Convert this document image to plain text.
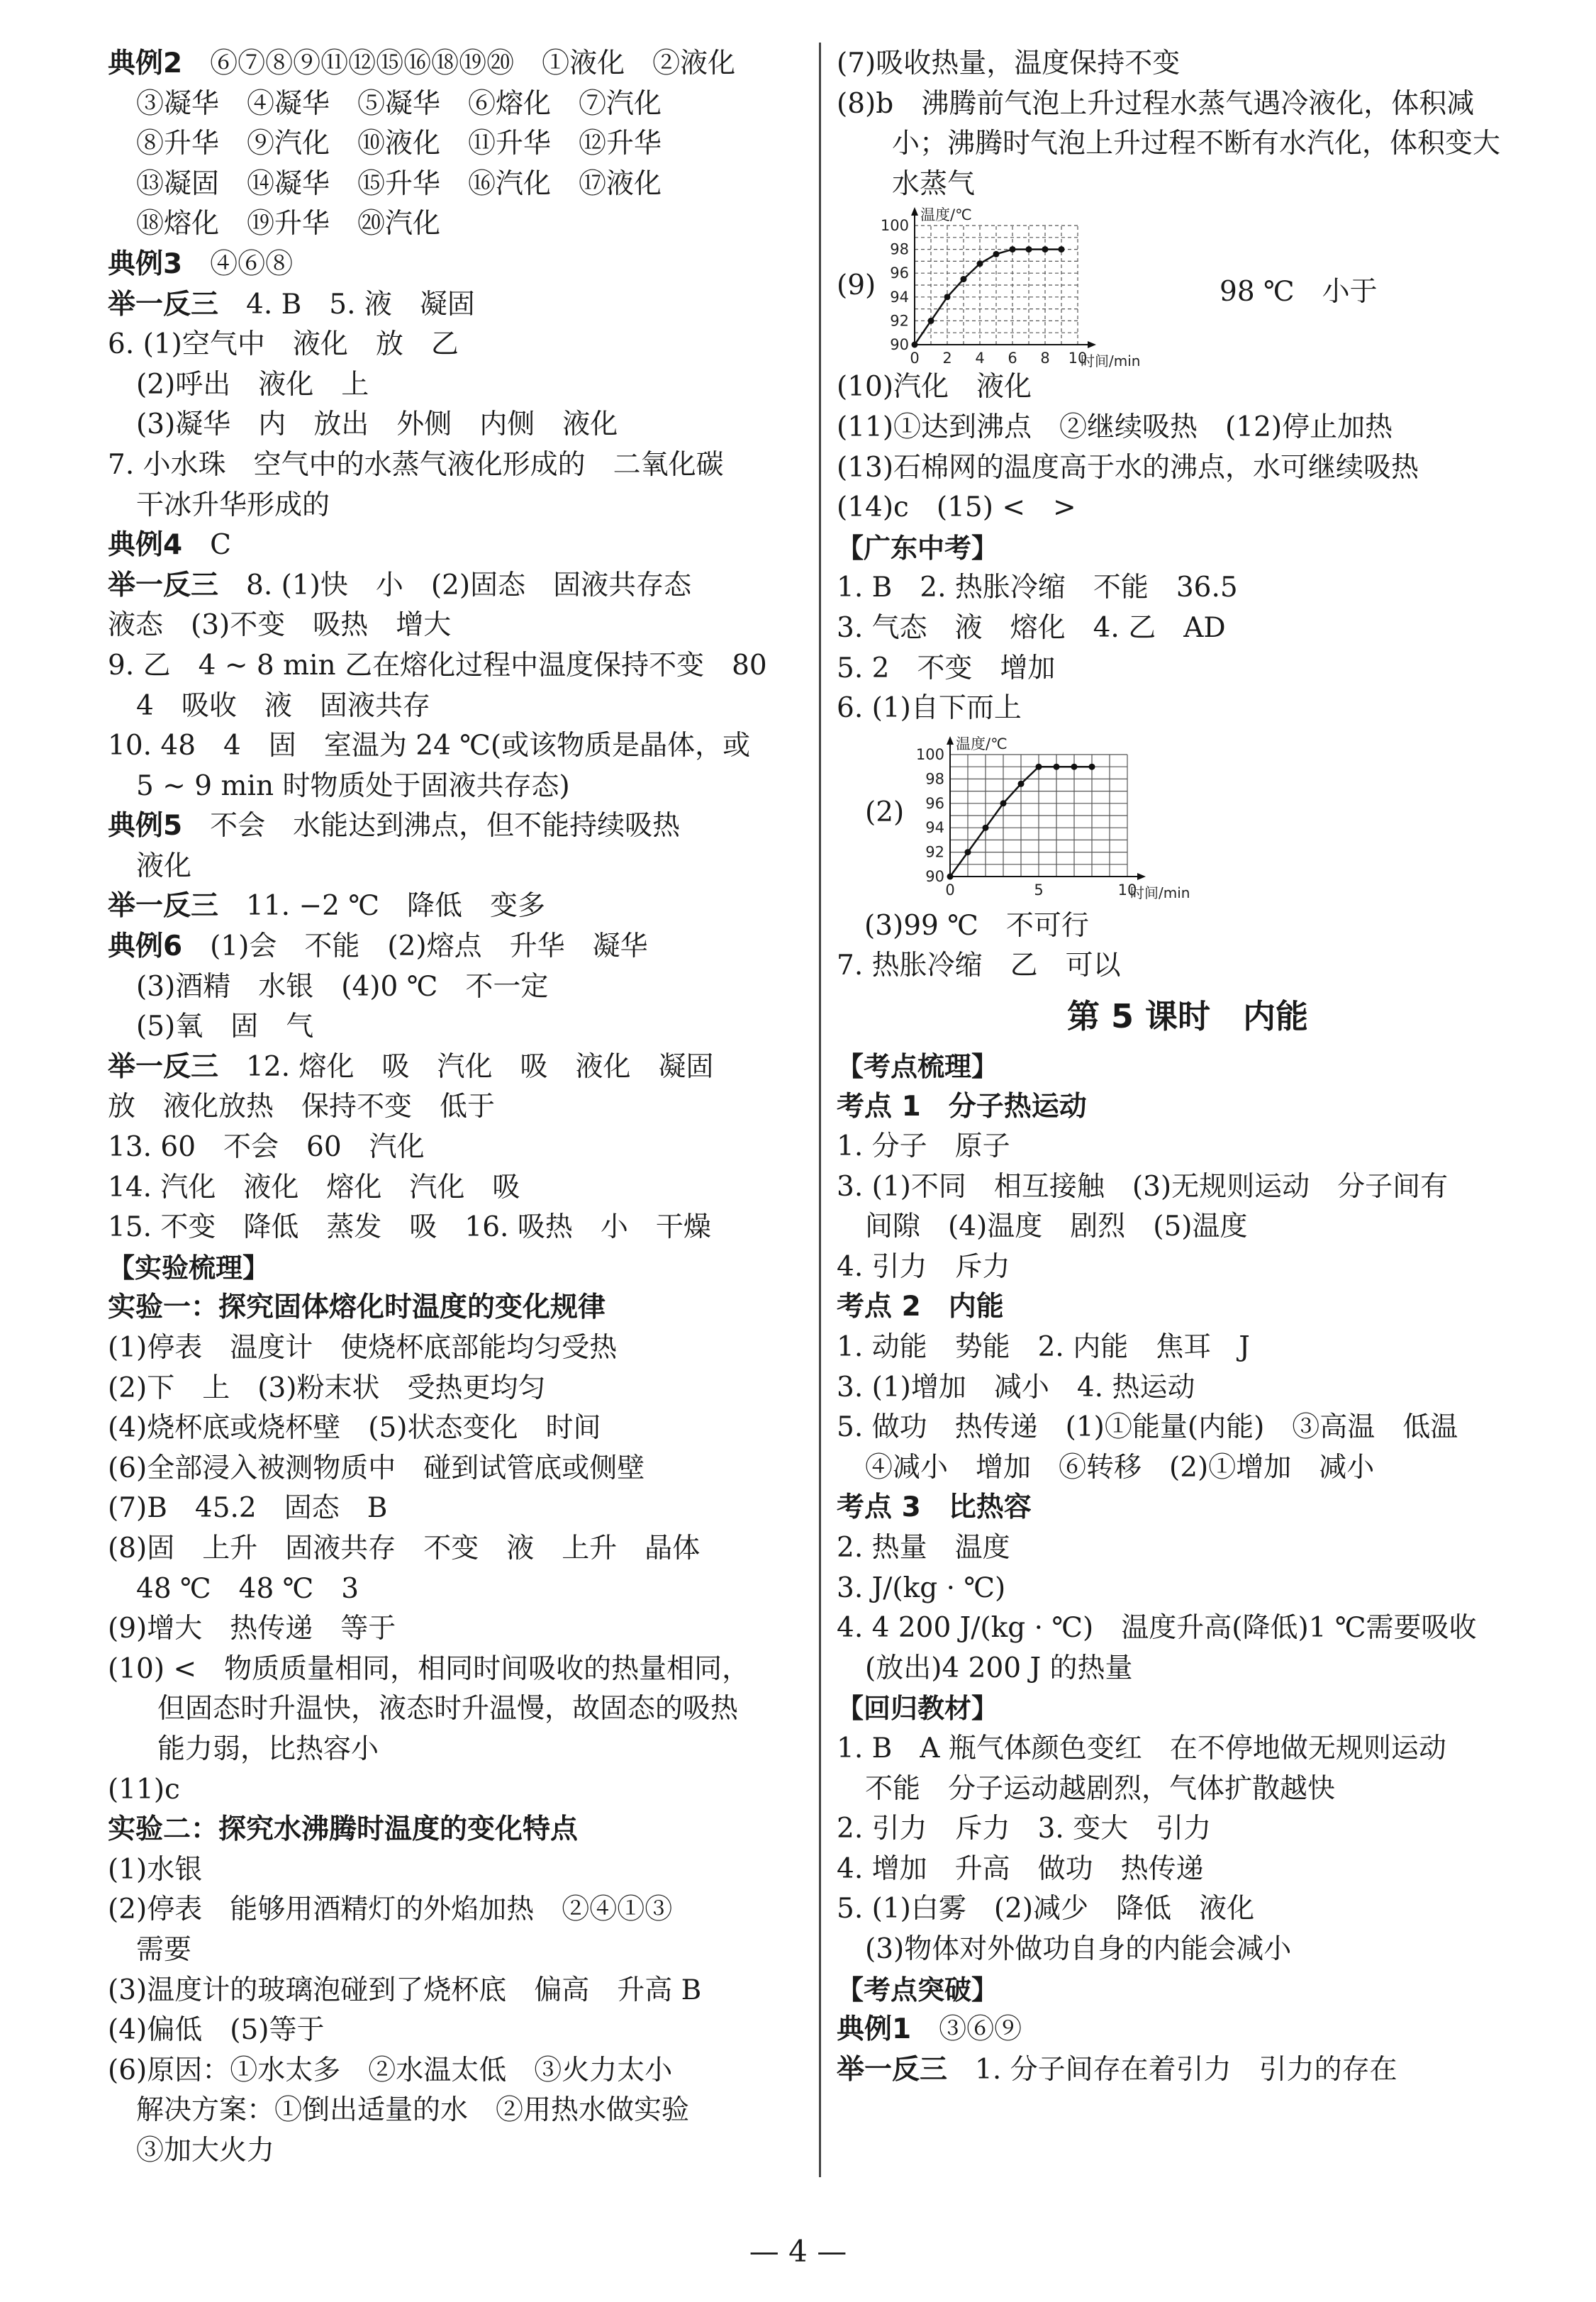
典例2　 ⑥⑦⑧⑨⑪⑫⑮⑯⑱⑲⑳　①液化　②液化
③凝华　④凝华　⑤凝华　⑥熔化　⑦汽化
⑧升华　⑨汽化　⑩液化　⑪升华　⑫升华
⑬凝固　⑭凝华　⑮升华　⑯汽化　⑰液化
⑱熔化　⑲升华　⑳汽化
典例3　 ④⑥⑧
举一反三　 4. B　5. 液　凝固
6. (1)空气中　液化　放　乙
(2)呼出　液化　上
(3)凝华　内　放出　外侧　内侧　液化
7. 小水珠　空气中的水蒸气液化形成的　二氧化碳
干冰升华形成的
典例4　 C
举一反三　 8. (1)快　小　(2)固态　固液共存态
液态　(3)不变　吸热　增大
9. 乙　4 ~ 8 min 乙在熔化过程中温度保持不变　80
4　吸收　液　固液共存
10. 48　4　固　室温为 24 ℃(或该物质是晶体，或
5 ~ 9 min 时物质处于固液共存态)
典例5　 不会　水能达到沸点，但不能持续吸热
液化
举一反三　 11. −2 ℃　降低　变多
典例6　 (1)会　不能　(2)熔点　升华　凝华
(3)酒精　水银　(4)0 ℃　不一定
(5)氧　固　气
举一反三　 12. 熔化　吸　汽化　吸　液化　凝固
放　液化放热　保持不变　低于
13. 60　不会　60　汽化
14. 汽化　液化　熔化　汽化　吸
15. 不变　降低　蒸发　吸　16. 吸热　小　干燥
【实验梳理】
实验一：探究固体熔化时温度的变化规律
(1)停表　温度计　使烧杯底部能均匀受热
(2)下　上　(3)粉末状　受热更均匀
(4)烧杯底或烧杯壁　(5)状态变化　时间
(6)全部浸入被测物质中　碰到试管底或侧壁
(7)B　45.2　固态　B
(8)固　上升　固液共存　不变　液　上升　晶体
48 ℃　48 ℃　3
(9)增大　热传递　等于
(10) <　物质质量相同，相同时间吸收的热量相同，
但固态时升温快，液态时升温慢，故固态的吸热
能力弱，比热容小
(11)c
实验二：探究水沸腾时温度的变化特点
(1)水银
(2)停表　能够用酒精灯的外焰加热　②④①③
需要
(3)温度计的玻璃泡碰到了烧杯底　偏高　升高 B
(4)偏低　(5)等于
(6)原因：①水太多　②水温太低　③火力太小
解决方案：①倒出适量的水　②用热水做实验
③加大火力
(7)吸收热量，温度保持不变
(8)b　沸腾前气泡上升过程水蒸气遇冷液化，体积减
　　小；沸腾时气泡上升过程不断有水汽化，体积变大
　　水蒸气
(9)
90
92
94
96
98
100
0 2 4 6 8 10
温度/℃
时间/min
98 ℃　小于
(10)汽化　液化
(11)①达到沸点　②继续吸热　(12)停止加热
(13)石棉网的温度高于水的沸点，水可继续吸热
(14)c　(15) <　>
【广东中考】
1. B　2. 热胀冷缩　不能　36.5
3. 气态　液　熔化　4. 乙　AD
5. 2　不变　增加
6. (1)自下而上
(2)
90
92
94
96
98
100
0	5	10
温度/℃
时间/min
　(3)99 ℃　不可行
7. 热胀冷缩　乙　可以
第 5 课时　内能
【考点梳理】
考点 1　分子热运动
1. 分子　原子
3. (1)不同　相互接触　(3)无规则运动　分子间有
间隙　(4)温度　剧烈　(5)温度
4. 引力　斥力
考点 2　内能
1. 动能　势能　2. 内能　焦耳　J
3. (1)增加　减小　4. 热运动
5. 做功　热传递　(1)①能量(内能)　③高温　低温
④减小　增加　⑥转移　(2)①增加　减小
考点 3　比热容
2. 热量　温度
3. J/(kg · ℃)
4. 4 200 J/(kg · ℃)　温度升高(降低)1 ℃需要吸收
(放出)4 200 J 的热量
【回归教材】
1. B　A 瓶气体颜色变红　在不停地做无规则运动
不能　分子运动越剧烈，气体扩散越快
2. 引力　斥力　3. 变大　引力
4. 增加　升高　做功　热传递
5. (1)白雾　(2)减少　降低　液化
(3)物体对外做功自身的内能会减小
【考点突破】
典例1　 ③⑥⑨
举一反三　 1. 分子间存在着引力　引力的存在
— 4 —
